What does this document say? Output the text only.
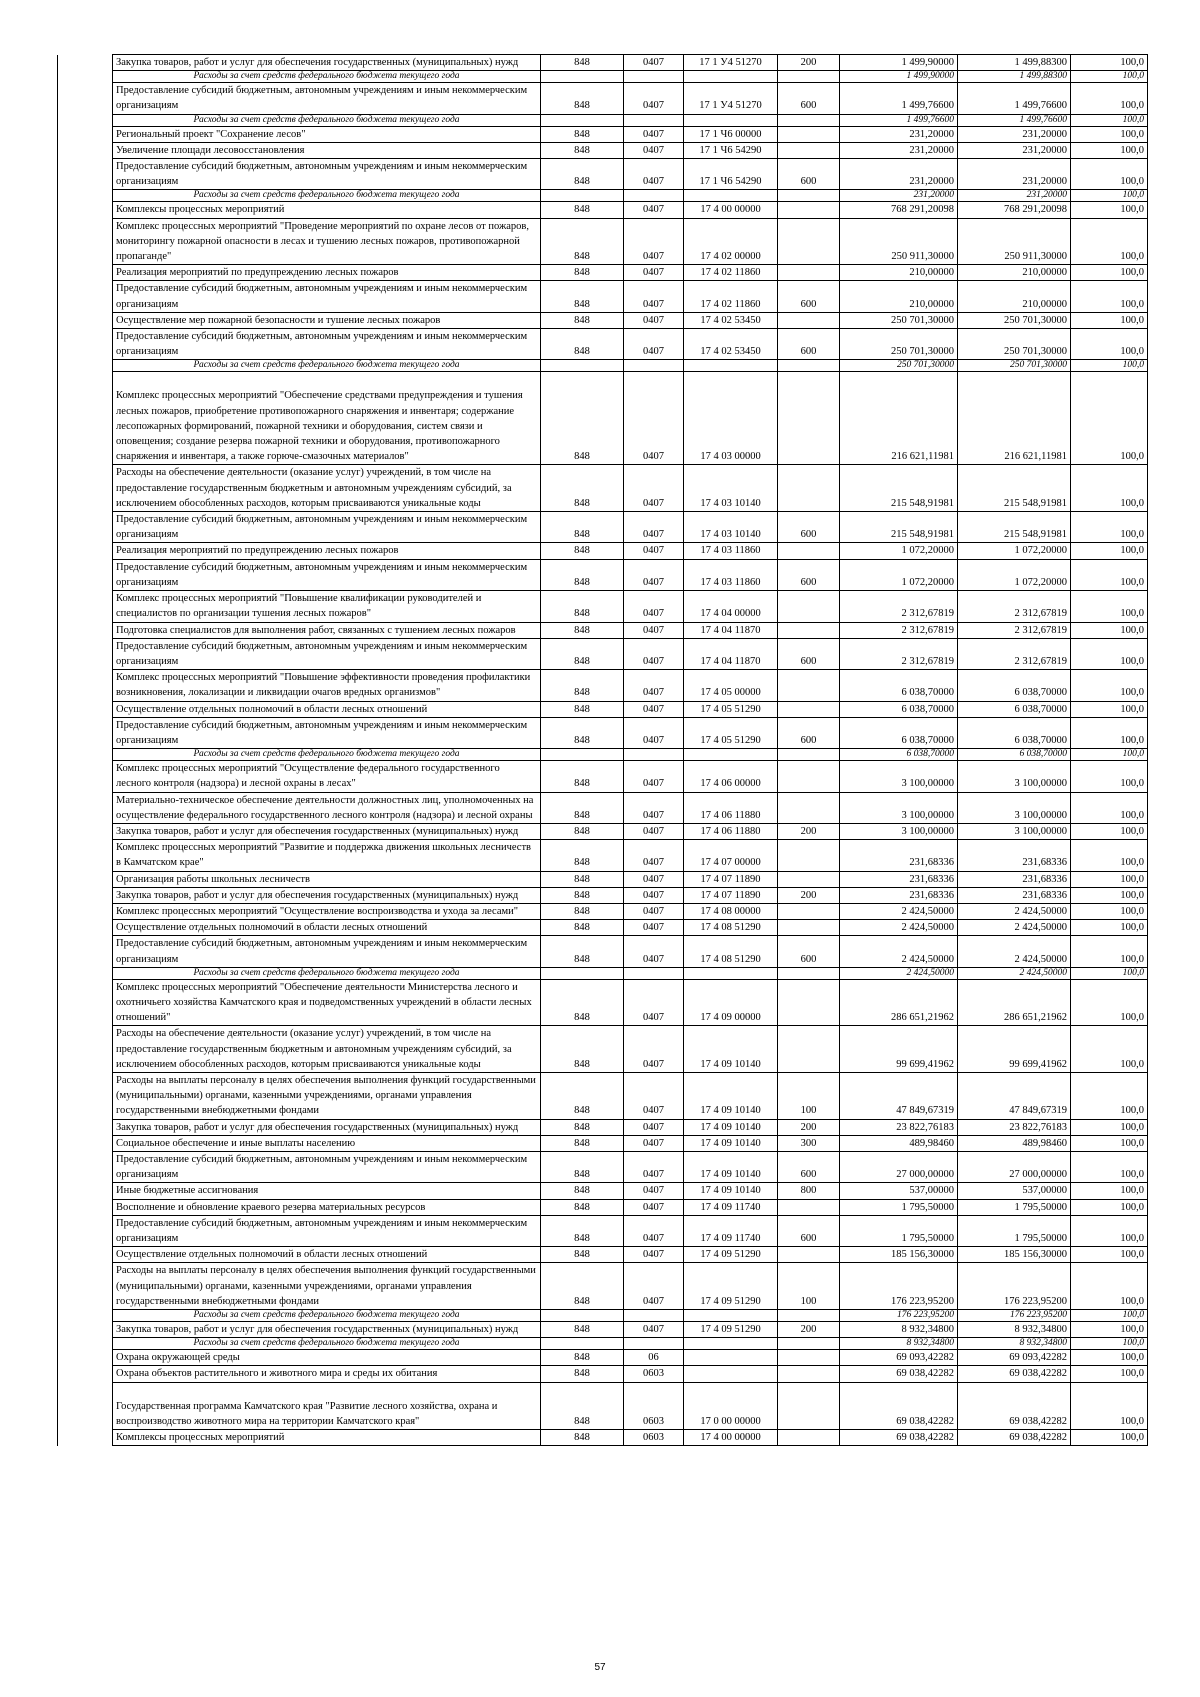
	Закупка товаров, работ и услуг для обеспечения государственных (муниципальных) нужд	848	0407	17 1 У4 51270	200	1 499,90000	1 499,88300	100,0
	Расходы за счет средств федерального бюджета текущего года					1 499,90000	1 499,88300	100,0
	Предоставление субсидий бюджетным, автономным учреждениям и иным некоммерческим организациям	848	0407	17 1 У4 51270	600	1 499,76600	1 499,76600	100,0
	Расходы за счет средств федерального бюджета текущего года					1 499,76600	1 499,76600	100,0
	Региональный проект "Сохранение лесов"	848	0407	17 1 Ч6 00000		231,20000	231,20000	100,0
	Увеличение площади лесовосстановления	848	0407	17 1 Ч6 54290		231,20000	231,20000	100,0
	Предоставление субсидий бюджетным, автономным учреждениям и иным некоммерческим организациям	848	0407	17 1 Ч6 54290	600	231,20000	231,20000	100,0
	Расходы за счет средств федерального бюджета текущего года					231,20000	231,20000	100,0
	Комплексы процессных мероприятий	848	0407	17 4 00 00000		768 291,20098	768 291,20098	100,0
	Комплекс процессных мероприятий "Проведение мероприятий по охране лесов от пожаров, мониторингу пожарной опасности в лесах и тушению лесных пожаров, противопожарной пропаганде"	848	0407	17 4 02 00000		250 911,30000	250 911,30000	100,0
	Реализация мероприятий по предупреждению лесных пожаров	848	0407	17 4 02 11860		210,00000	210,00000	100,0
	Предоставление субсидий бюджетным, автономным учреждениям и иным некоммерческим организациям	848	0407	17 4 02 11860	600	210,00000	210,00000	100,0
	Осуществление мер пожарной безопасности и тушение лесных пожаров	848	0407	17 4 02 53450		250 701,30000	250 701,30000	100,0
	Предоставление субсидий бюджетным, автономным учреждениям и иным некоммерческим организациям	848	0407	17 4 02 53450	600	250 701,30000	250 701,30000	100,0
	Расходы за счет средств федерального бюджета текущего года					250 701,30000	250 701,30000	100,0
	Комплекс процессных мероприятий "Обеспечение средствами предупреждения и тушения лесных пожаров, приобретение противопожарного снаряжения и инвентаря; содержание лесопожарных формирований, пожарной техники и оборудования, систем связи и оповещения; создание резерва пожарной техники и оборудования, противопожарного снаряжения и инвентаря, а также горюче-смазочных материалов"	848	0407	17 4 03 00000		216 621,11981	216 621,11981	100,0
	Расходы на обеспечение деятельности (оказание услуг) учреждений, в том числе на предоставление государственным бюджетным и автономным учреждениям субсидий, за исключением обособленных расходов, которым присваиваются уникальные коды	848	0407	17 4 03 10140		215 548,91981	215 548,91981	100,0
	Предоставление субсидий бюджетным, автономным учреждениям и иным некоммерческим организациям	848	0407	17 4 03 10140	600	215 548,91981	215 548,91981	100,0
	Реализация мероприятий по предупреждению лесных пожаров	848	0407	17 4 03 11860		1 072,20000	1 072,20000	100,0
	Предоставление субсидий бюджетным, автономным учреждениям и иным некоммерческим организациям	848	0407	17 4 03 11860	600	1 072,20000	1 072,20000	100,0
	Комплекс процессных мероприятий "Повышение квалификации руководителей и специалистов по организации тушения лесных пожаров"	848	0407	17 4 04 00000		2 312,67819	2 312,67819	100,0
	Подготовка специалистов для выполнения работ, связанных с тушением лесных пожаров	848	0407	17 4 04 11870		2 312,67819	2 312,67819	100,0
	Предоставление субсидий бюджетным, автономным учреждениям и иным некоммерческим организациям	848	0407	17 4 04 11870	600	2 312,67819	2 312,67819	100,0
	Комплекс процессных мероприятий "Повышение эффективности проведения профилактики возникновения, локализации и ликвидации очагов вредных организмов"	848	0407	17 4 05 00000		6 038,70000	6 038,70000	100,0
	Осуществление отдельных полномочий в области лесных отношений	848	0407	17 4 05 51290		6 038,70000	6 038,70000	100,0
	Предоставление субсидий бюджетным, автономным учреждениям и иным некоммерческим организациям	848	0407	17 4 05 51290	600	6 038,70000	6 038,70000	100,0
	Расходы за счет средств федерального бюджета текущего года					6 038,70000	6 038,70000	100,0
	Комплекс процессных мероприятий "Осуществление федерального государственного лесного контроля (надзора) и лесной охраны в лесах"	848	0407	17 4 06 00000		3 100,00000	3 100,00000	100,0
	Материально-техническое обеспечение деятельности должностных лиц, уполномоченных на осуществление федерального государственного лесного контроля (надзора) и лесной охраны	848	0407	17 4 06 11880		3 100,00000	3 100,00000	100,0
	Закупка товаров, работ и услуг для обеспечения государственных (муниципальных) нужд	848	0407	17 4 06 11880	200	3 100,00000	3 100,00000	100,0
	Комплекс процессных мероприятий "Развитие и поддержка движения школьных лесничеств в Камчатском крае"	848	0407	17 4 07 00000		231,68336	231,68336	100,0
	Организация работы школьных лесничеств	848	0407	17 4 07 11890		231,68336	231,68336	100,0
	Закупка товаров, работ и услуг для обеспечения государственных (муниципальных) нужд	848	0407	17 4 07 11890	200	231,68336	231,68336	100,0
	Комплекс процессных мероприятий "Осуществление воспроизводства и ухода за лесами"	848	0407	17 4 08 00000		2 424,50000	2 424,50000	100,0
	Осуществление отдельных полномочий в области лесных отношений	848	0407	17 4 08 51290		2 424,50000	2 424,50000	100,0
	Предоставление субсидий бюджетным, автономным учреждениям и иным некоммерческим организациям	848	0407	17 4 08 51290	600	2 424,50000	2 424,50000	100,0
	Расходы за счет средств федерального бюджета текущего года					2 424,50000	2 424,50000	100,0
	Комплекс процессных мероприятий "Обеспечение деятельности Министерства лесного и охотничьего хозяйства Камчатского края и подведомственных учреждений в области лесных отношений"	848	0407	17 4 09 00000		286 651,21962	286 651,21962	100,0
	Расходы на обеспечение деятельности (оказание услуг) учреждений, в том числе на предоставление государственным бюджетным и автономным учреждениям субсидий, за исключением обособленных расходов, которым присваиваются уникальные коды	848	0407	17 4 09 10140		99 699,41962	99 699,41962	100,0
	Расходы на выплаты персоналу в целях обеспечения выполнения функций государственными (муниципальными) органами, казенными учреждениями, органами управления государственными внебюджетными фондами	848	0407	17 4 09 10140	100	47 849,67319	47 849,67319	100,0
	Закупка товаров, работ и услуг для обеспечения государственных (муниципальных) нужд	848	0407	17 4 09 10140	200	23 822,76183	23 822,76183	100,0
	Социальное обеспечение и иные выплаты населению	848	0407	17 4 09 10140	300	489,98460	489,98460	100,0
	Предоставление субсидий бюджетным, автономным учреждениям и иным некоммерческим организациям	848	0407	17 4 09 10140	600	27 000,00000	27 000,00000	100,0
	Иные бюджетные ассигнования	848	0407	17 4 09 10140	800	537,00000	537,00000	100,0
	Восполнение и обновление краевого резерва материальных ресурсов	848	0407	17 4 09 11740		1 795,50000	1 795,50000	100,0
	Предоставление субсидий бюджетным, автономным учреждениям и иным некоммерческим организациям	848	0407	17 4 09 11740	600	1 795,50000	1 795,50000	100,0
	Осуществление отдельных полномочий в области лесных отношений	848	0407	17 4 09 51290		185 156,30000	185 156,30000	100,0
	Расходы на выплаты персоналу в целях обеспечения выполнения функций государственными (муниципальными) органами, казенными учреждениями, органами управления государственными внебюджетными фондами	848	0407	17 4 09 51290	100	176 223,95200	176 223,95200	100,0
	Расходы за счет средств федерального бюджета текущего года					176 223,95200	176 223,95200	100,0
	Закупка товаров, работ и услуг для обеспечения государственных (муниципальных) нужд	848	0407	17 4 09 51290	200	8 932,34800	8 932,34800	100,0
	Расходы за счет средств федерального бюджета текущего года					8 932,34800	8 932,34800	100,0
	Охрана окружающей среды	848	06			69 093,42282	69 093,42282	100,0
	Охрана объектов растительного и животного мира и среды их обитания	848	0603			69 038,42282	69 038,42282	100,0
	Государственная программа Камчатского края "Развитие лесного хозяйства, охрана и воспроизводство животного мира на территории Камчатского края"	848	0603	17 0 00 00000		69 038,42282	69 038,42282	100,0
	Комплексы процессных мероприятий	848	0603	17 4 00 00000		69 038,42282	69 038,42282	100,0
57
